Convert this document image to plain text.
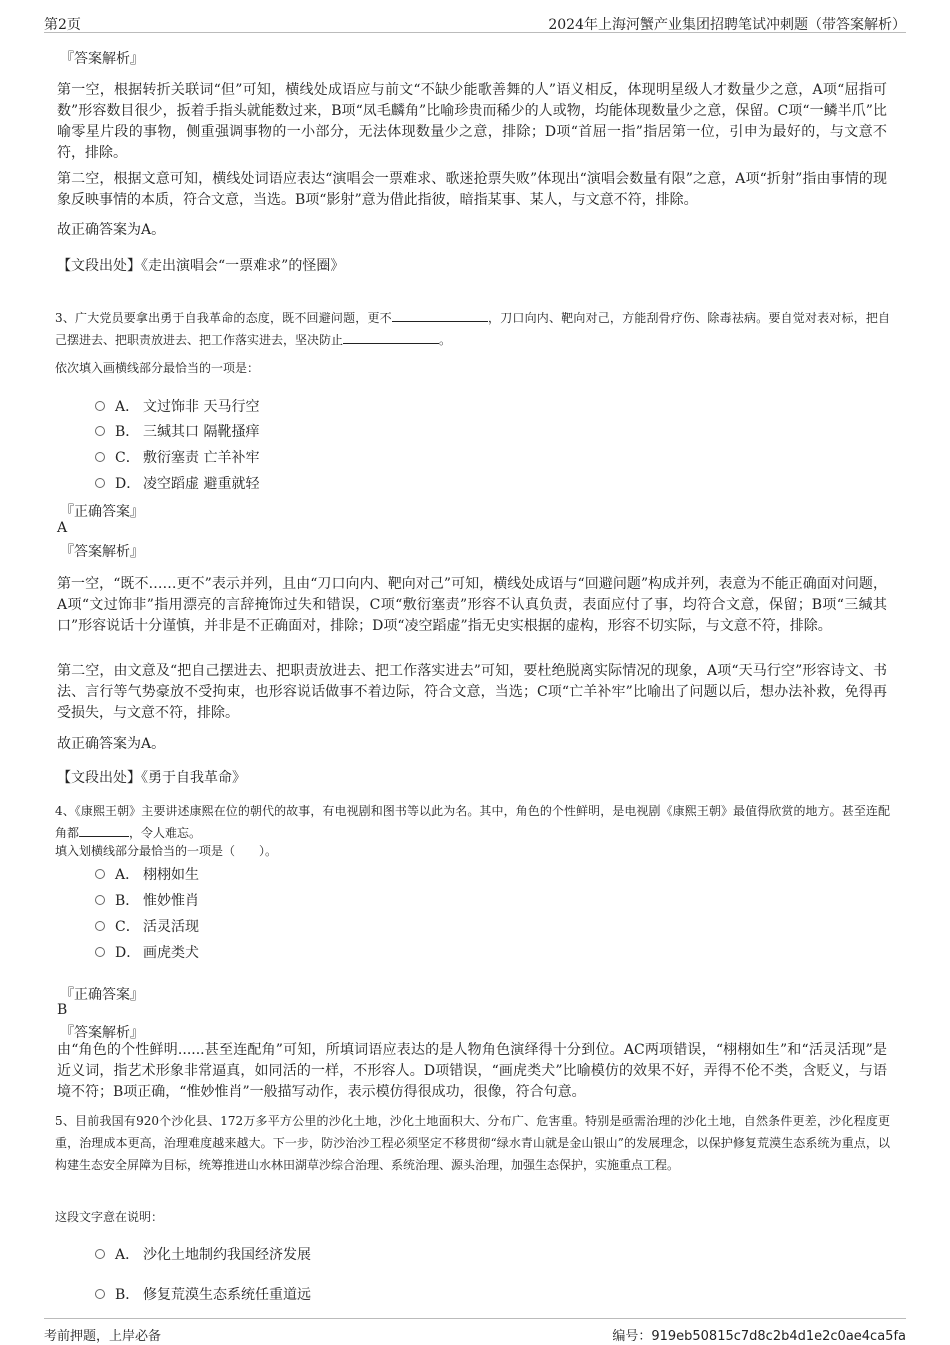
第2页	2024年上海河蟹产业集团招聘笔试冲刺题（带答案解析）
『答案解析』
第一空，根据转折关联词“但”可知，横线处成语应与前文“不缺少能歌善舞的人”语义相反，体现明星级人才数量少之意，A项“屈指可数”形容数目很少，扳着手指头就能数过来，B项“凤毛麟角”比喻珍贵而稀少的人或物，均能体现数量少之意，保留。C项“一鳞半爪”比喻零星片段的事物，侧重强调事物的一小部分，无法体现数量少之意，排除；D项“首屈一指”指居第一位，引申为最好的，与文意不符，排除。
第二空，根据文意可知，横线处词语应表达“演唱会一票难求、歌迷抢票失败”体现出“演唱会数量有限”之意，A项“折射”指由事情的现象反映事情的本质，符合文意，当选。B项“影射”意为借此指彼，暗指某事、某人，与文意不符，排除。
故正确答案为A。
【文段出处】《走出演唱会“一票难求”的怪圈》
3、广大党员要拿出勇于自我革命的态度，既不回避问题，更不	，刀口向内、靶向对己，方能刮骨疗伤、除毒祛病。要自觉对表对标，把自己摆进去、把职责放进去、把工作落实进去，坚决防止	。
依次填入画横线部分最恰当的一项是：
A． 文过饰非 天马行空
B． 三缄其口 隔靴搔痒
C． 敷衍塞责 亡羊补牢
D． 凌空蹈虚 避重就轻
『正确答案』
A
『答案解析』
第一空，“既不……更不”表示并列，且由“刀口向内、靶向对己”可知，横线处成语与“回避问题”构成并列，表意为不能正确面对问题，A项“文过饰非”指用漂亮的言辞掩饰过失和错误，C项“敷衍塞责”形容不认真负责，表面应付了事，均符合文意，保留；B项“三缄其口”形容说话十分谨慎，并非是不正确面对，排除；D项“凌空蹈虚”指无史实根据的虚构，形容不切实际，与文意不符，排除。
第二空，由文意及“把自己摆进去、把职责放进去、把工作落实进去”可知，要杜绝脱离实际情况的现象，A项“天马行空”形容诗文、书法、言行等气势豪放不受拘束，也形容说话做事不着边际，符合文意，当选；C项“亡羊补牢”比喻出了问题以后，想办法补救，免得再受损失，与文意不符，排除。
故正确答案为A。
【文段出处】《勇于自我革命》
4、《康熙王朝》主要讲述康熙在位的朝代的故事，有电视剧和图书等以此为名。其中，角色的个性鲜明，是电视剧《康熙王朝》最值得欣赏的地方。甚至连配角都	，令人难忘。
填入划横线部分最恰当的一项是（　　）。
A． 栩栩如生
B． 惟妙惟肖
C． 活灵活现
D． 画虎类犬
『正确答案』
B
『答案解析』
由“角色的个性鲜明......甚至连配角”可知，所填词语应表达的是人物角色演绎得十分到位。AC两项错误，“栩栩如生”和“活灵活现”是近义词，指艺术形象非常逼真，如同活的一样，不形容人。D项错误，“画虎类犬”比喻模仿的效果不好，弄得不伦不类，含贬义，与语境不符；B项正确，“惟妙惟肖”一般描写动作，表示模仿得很成功，很像，符合句意。
5、目前我国有920个沙化县、172万多平方公里的沙化土地，沙化土地面积大、分布广、危害重。特别是亟需治理的沙化土地，自然条件更差，沙化程度更重，治理成本更高，治理难度越来越大。下一步，防沙治沙工程必须坚定不移贯彻“绿水青山就是金山银山”的发展理念，以保护修复荒漠生态系统为重点，以构建生态安全屏障为目标，统筹推进山水林田湖草沙综合治理、系统治理、源头治理，加强生态保护，实施重点工程。
这段文字意在说明：
A． 沙化土地制约我国经济发展
B． 修复荒漠生态系统任重道远
考前押题，上岸必备	编号：919eb50815c7d8c2b4d1e2c0ae4ca5fa
